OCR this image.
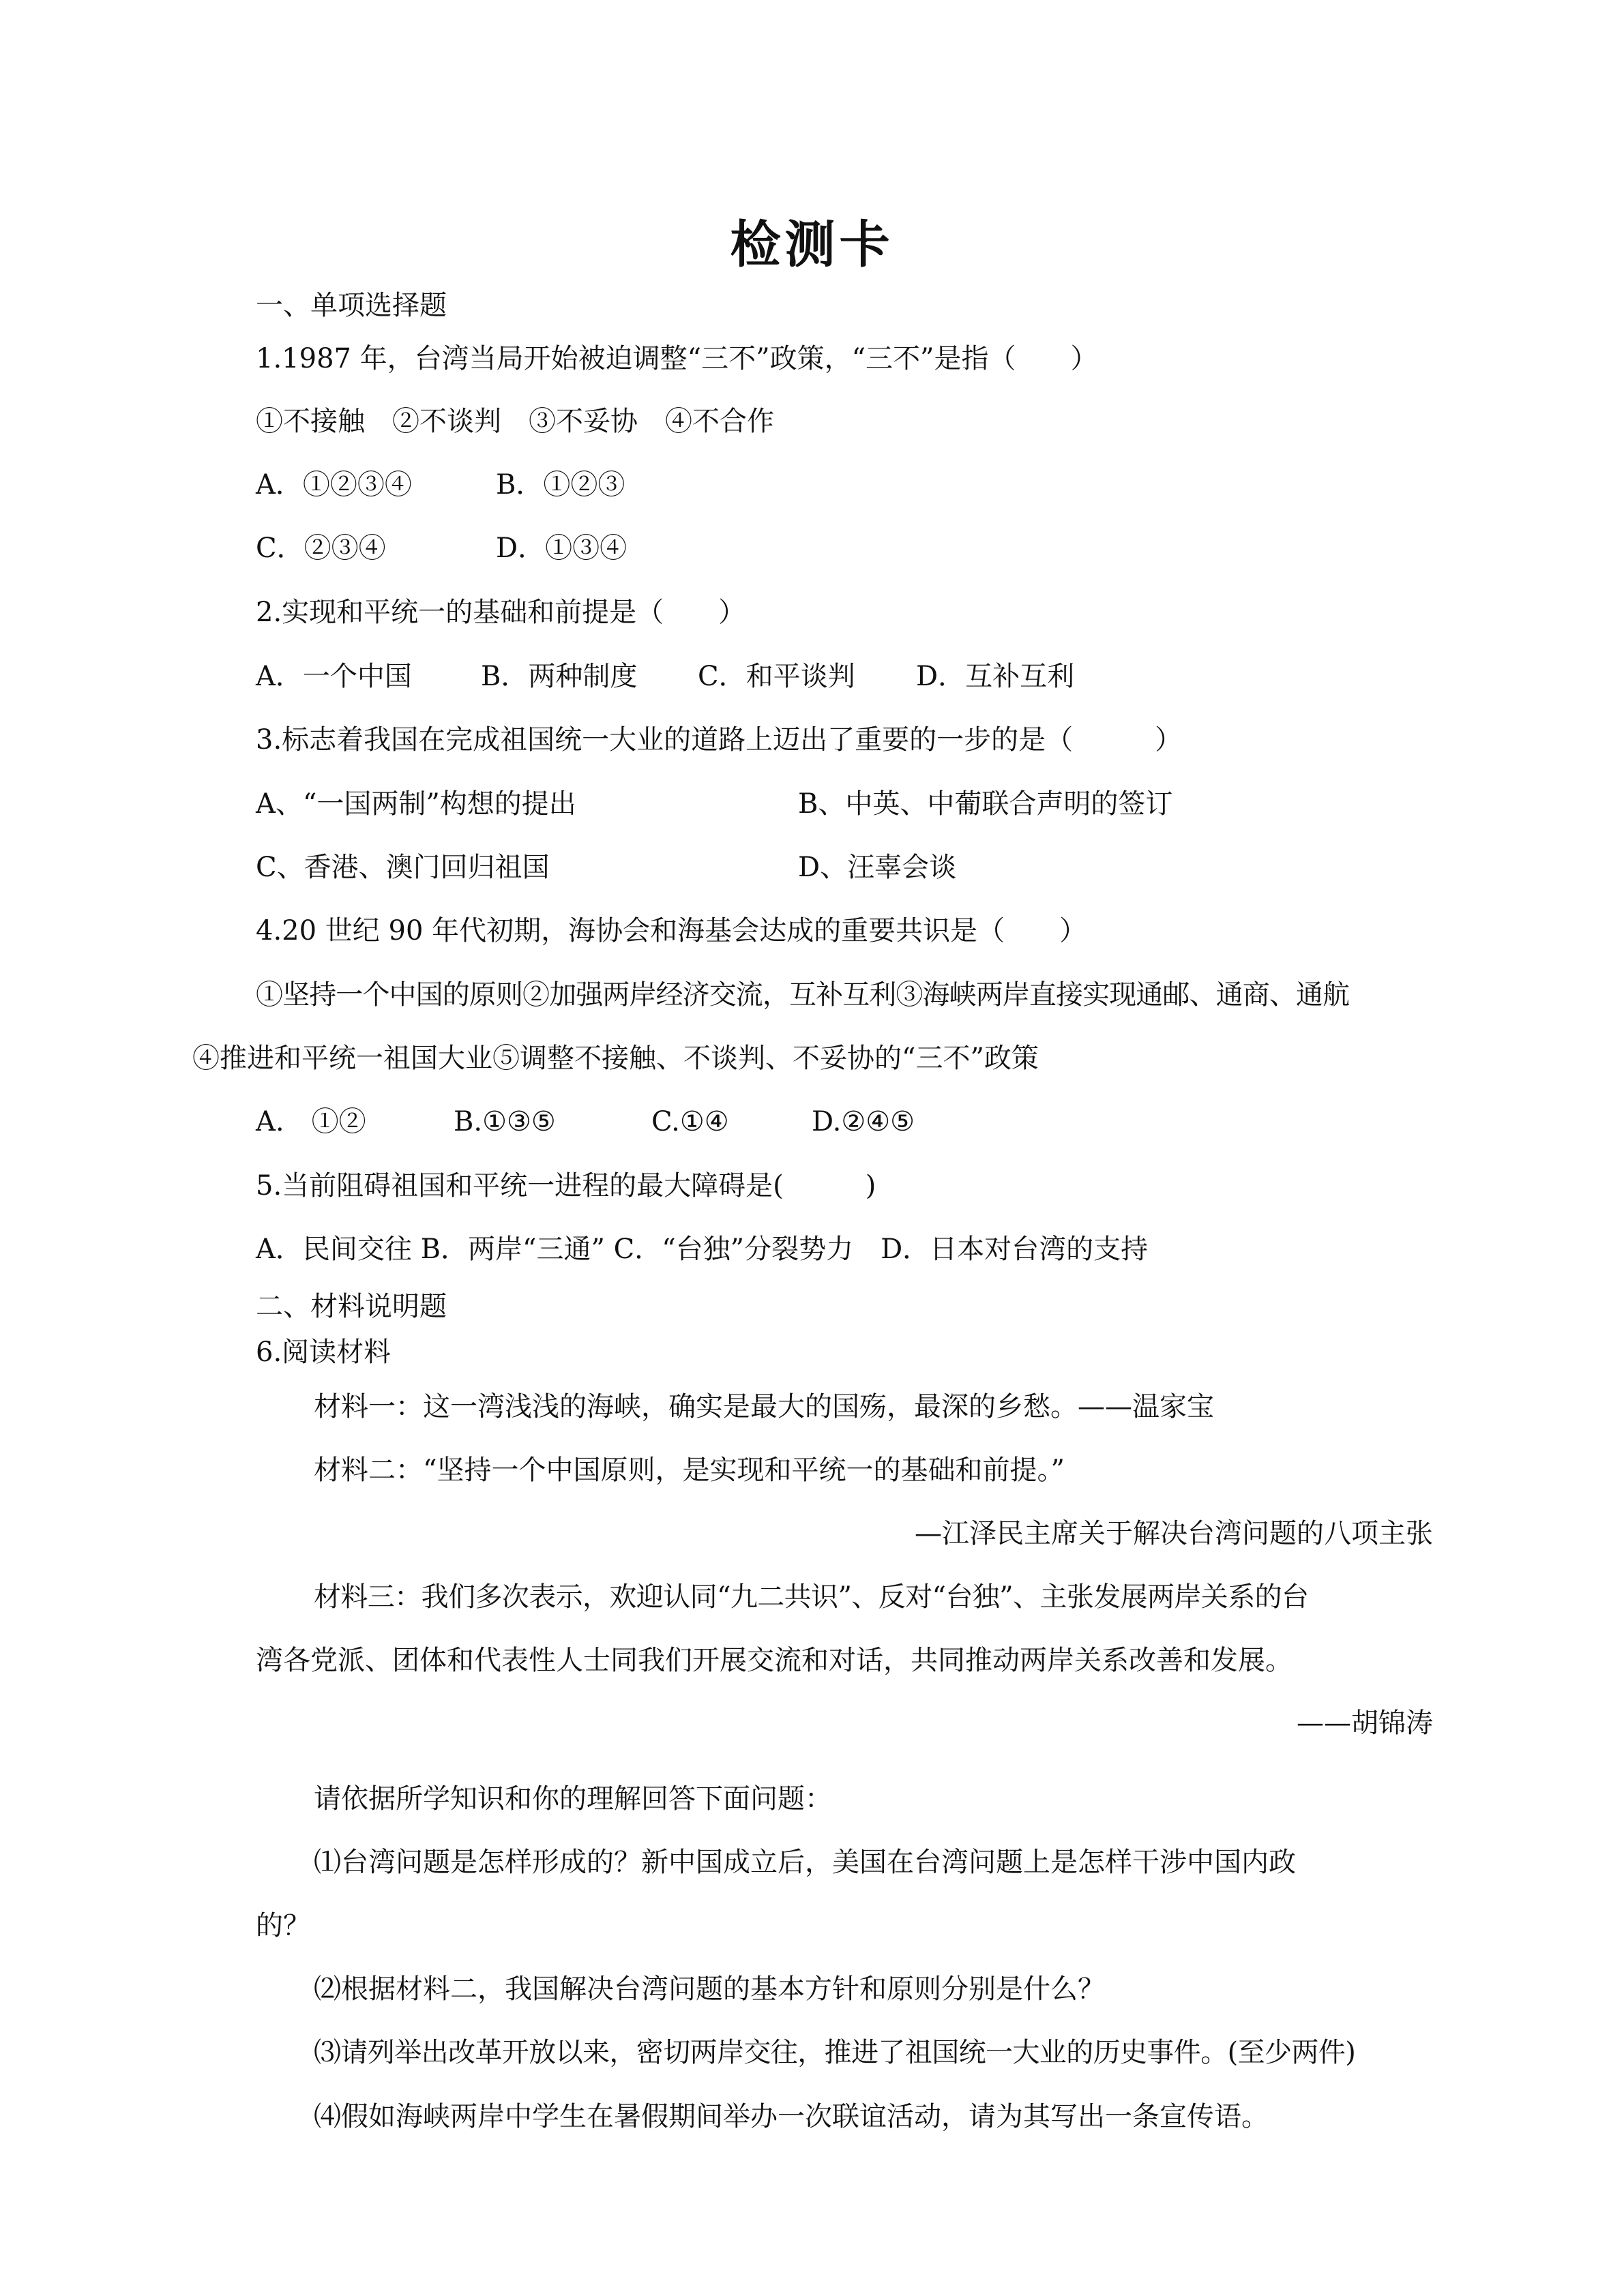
检测卡
一、单项选择题
1.1987 年，台湾当局开始被迫调整“三不”政策，“三不”是指（　　）
①不接触　②不谈判　③不妥协　④不合作
A．①②③④	B．①②③
C．②③④	D．①③④
2.实现和平统一的基础和前提是（　　）
A．一个中国	B．两种制度 C．和平谈判 D．互补互利
3.标志着我国在完成祖国统一大业的道路上迈出了重要的一步的是（　　　）
A、“一国两制”构想的提出	B、中英、中葡联合声明的签订
C、香港、澳门回归祖国	D、汪辜会谈
4.20 世纪 90 年代初期，海协会和海基会达成的重要共识是（　　）
①坚持一个中国的原则②加强两岸经济交流，互补互利③海峡两岸直接实现通邮、通商、通航
④推进和平统一祖国大业⑤调整不接触、不谈判、不妥协的“三不”政策
A.　①②	B.①③⑤	C.①④	D.②④⑤
5.当前阻碍祖国和平统一进程的最大障碍是(　　　)
A．民间交往 B．两岸“三通” C．“台独”分裂势力　D．日本对台湾的支持
二、材料说明题
6.阅读材料
材料一：这一湾浅浅的海峡，确实是最大的国殇，最深的乡愁。——温家宝
材料二：“坚持一个中国原则，是实现和平统一的基础和前提。”
—江泽民主席关于解决台湾问题的八项主张
材料三：我们多次表示，欢迎认同“九二共识”、反对“台独”、主张发展两岸关系的台
湾各党派、团体和代表性人士同我们开展交流和对话，共同推动两岸关系改善和发展。
——胡锦涛
请依据所学知识和你的理解回答下面问题：
⑴台湾问题是怎样形成的？新中国成立后，美国在台湾问题上是怎样干涉中国内政
的？
⑵根据材料二，我国解决台湾问题的基本方针和原则分别是什么？
⑶请列举出改革开放以来，密切两岸交往，推进了祖国统一大业的历史事件。(至少两件)
⑷假如海峡两岸中学生在暑假期间举办一次联谊活动，请为其写出一条宣传语。
